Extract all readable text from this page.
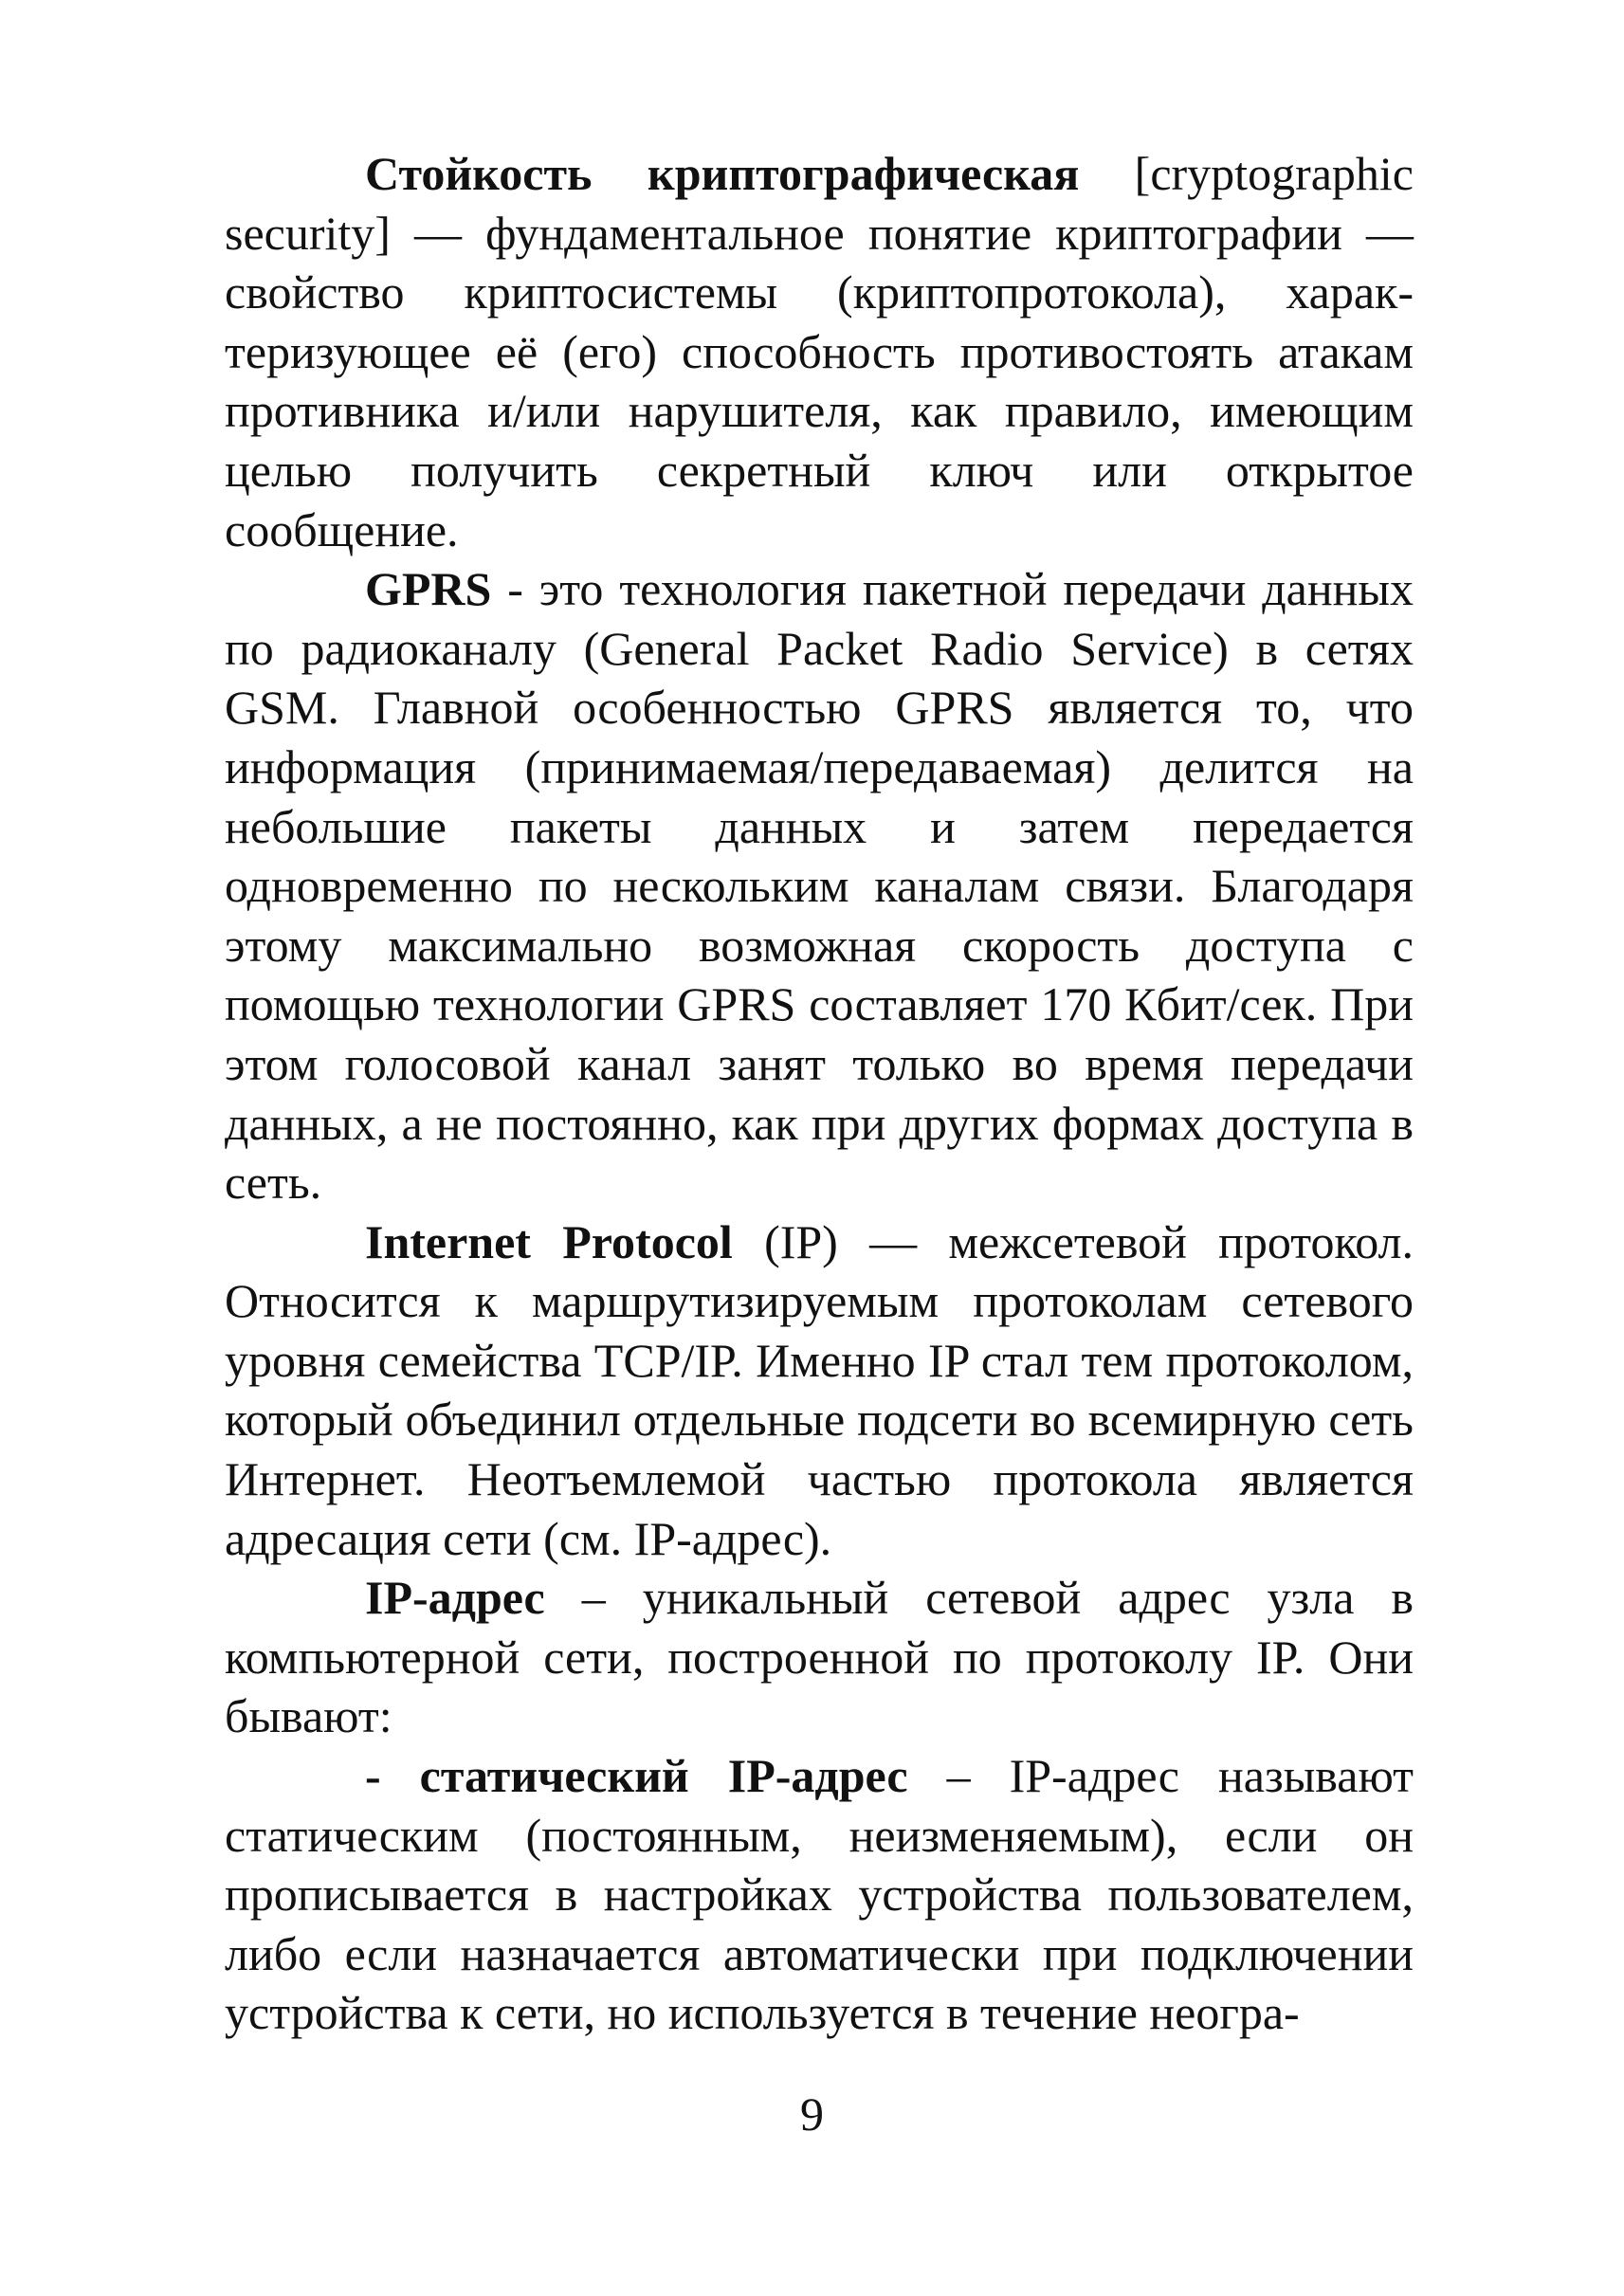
Стойкость криптографическая [cryptographic security] — фундаментальное понятие криптографии — свойство криптосистемы (криптопротокола), характеризующее её (его) способность противостоять атакам противника и/или нарушителя, как правило, имеющим целью получить секретный ключ или открытое сообщение.

GPRS - это технология пакетной передачи данных по радиоканалу (General Packet Radio Service) в сетях GSM. Главной особенностью GPRS является то, что информация (принимаемая/передаваемая) делится на небольшие пакеты данных и затем передается одновременно по нескольким каналам связи. Благодаря этому максимально возможная скорость доступа с помощью технологии GPRS составляет 170 Кбит/сек. При этом голосовой канал занят только во время передачи данных, а не постоянно, как при других формах доступа в сеть.

Internet Protocol (IP) — межсетевой протокол. Относится к маршрутизируемым протоколам сетевого уровня семейства TCP/IP. Именно IP стал тем протоколом, который объединил отдельные подсети во всемирную сеть Интернет. Неотъемлемой частью протокола является адресация сети (см. IP-адрес).

IP-адрес – уникальный сетевой адрес узла в компьютерной сети, построенной по протоколу IP. Они бывают:

- статический IP-адрес – IP-адрес называют статическим (постоянным, неизменяемым), если он прописывается в настройках устройства пользователем, либо если назначается автоматически при подключении устройства к сети, но используется в течение неогра-

9
